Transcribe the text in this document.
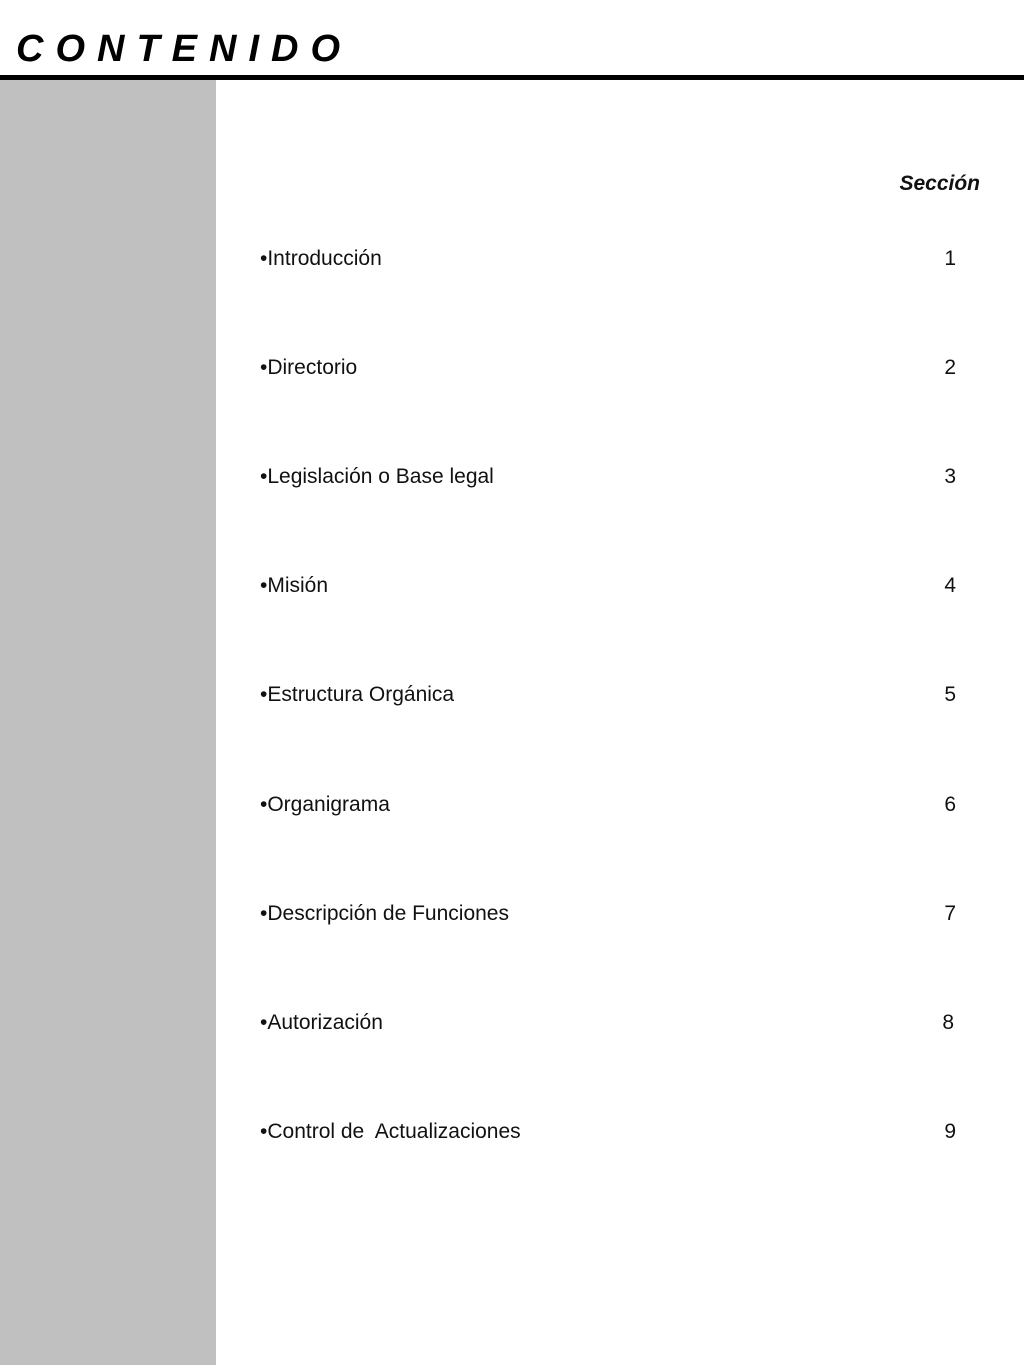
CONTENIDO
Sección
•Introducción	1
•Directorio	2
•Legislación o Base legal	3
•Misión	4
•Estructura Orgánica	5
•Organigrama	6
•Descripción de Funciones	7
•Autorización	8
•Control de  Actualizaciones	9
